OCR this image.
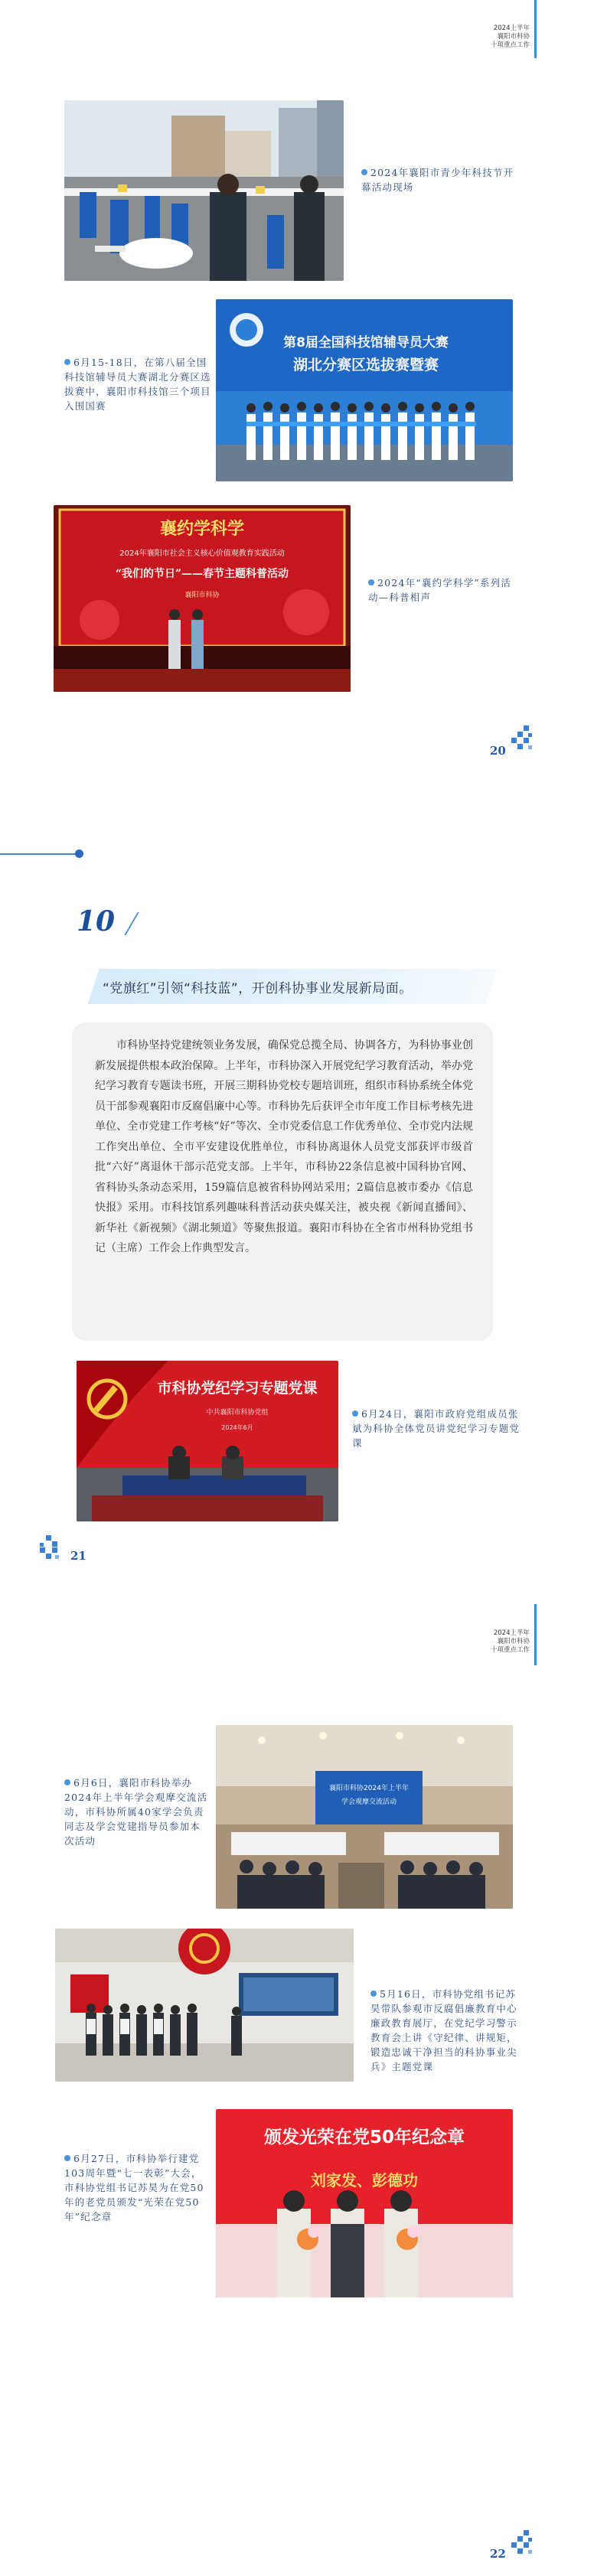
2024上半年
襄阳市科协
十项重点工作
2024年襄阳市青少年科技节开幕活动现场
6月15-18日，在第八届全国科技馆辅导员大赛湖北分赛区选拔赛中，襄阳市科技馆三个项目入围国赛
第8届全国科技馆辅导员大赛
湖北分赛区选拔赛暨赛
襄约学科学
2024年襄阳市社会主义核心价值观教育实践活动
“我们的节日”——春节主题科普活动
襄阳市科协
2024年“襄约学科学”系列活动—科普相声
20
10
“党旗红”引领“科技蓝”，开创科协事业发展新局面。
市科协坚持党建统领业务发展，确保党总揽全局、协调各方，为科协事业创新发展提供根本政治保障。上半年，市科协深入开展党纪学习教育活动，举办党纪学习教育专题读书班，开展三期科协党校专题培训班，组织市科协系统全体党员干部参观襄阳市反腐倡廉中心等。市科协先后获评全市年度工作目标考核先进单位、全市党建工作考核“好”等次、全市党委信息工作优秀单位、全市党内法规工作突出单位、全市平安建设优胜单位，市科协离退休人员党支部获评市级首批“六好”离退休干部示范党支部。上半年，市科协22条信息被中国科协官网、省科协头条动态采用，159篇信息被省科协网站采用；2篇信息被市委办《信息快报》采用。市科技馆系列趣味科普活动获央媒关注，被央视《新闻直播间》、新华社《新视频》《湖北频道》等聚焦报道。襄阳市科协在全省市州科协党组书记（主席）工作会上作典型发言。
市科协党纪学习专题党课
中共襄阳市科协党组
2024年6月
6月24日，襄阳市政府党组成员张斌为科协全体党员讲党纪学习专题党课
21
2024上半年
襄阳市科协
十项重点工作
6月6日，襄阳市科协举办2024年上半年学会观摩交流活动，市科协所属40家学会负责同志及学会党建指导员参加本次活动
襄阳市科协2024年上半年
学会观摩交流活动
5月16日，市科协党组书记苏昊带队参观市反腐倡廉教育中心廉政教育展厅，在党纪学习警示教育会上讲《守纪律、讲规矩，锻造忠诚干净担当的科协事业尖兵》主题党课
6月27日，市科协举行建党103周年暨“七一表彰”大会，市科协党组书记苏昊为在党50年的老党员颁发“光荣在党50年”纪念章
颁发光荣在党50年纪念章
刘家发、彭德功
22
